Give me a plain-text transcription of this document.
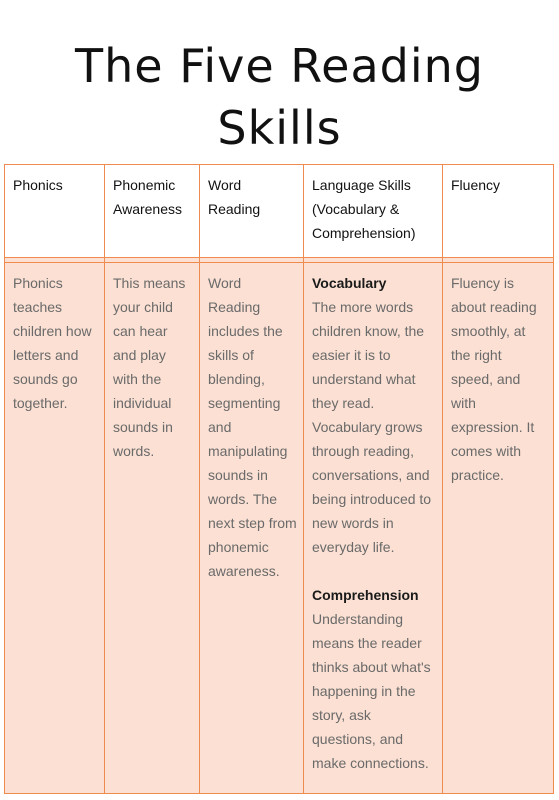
The Five Reading
Skills
Phonics	Phonemic Awareness	Word Reading	Language Skills (Vocabulary & Comprehension)	Fluency

Phonics teaches children how letters and sounds go together.	This means your child can hear and play with the individual sounds in words.	Word Reading includes the skills of blending, segmenting and manipulating sounds in words. The next step from phonemic awareness.	Vocabulary
The more words children know, the easier it is to understand what they read. Vocabulary grows through reading, conversations, and being introduced to new words in everyday life.
Comprehension
Understanding means the reader thinks about what's happening in the story, ask questions, and make connections.	Fluency is about reading smoothly, at the right speed, and with expression. It comes with practice.
